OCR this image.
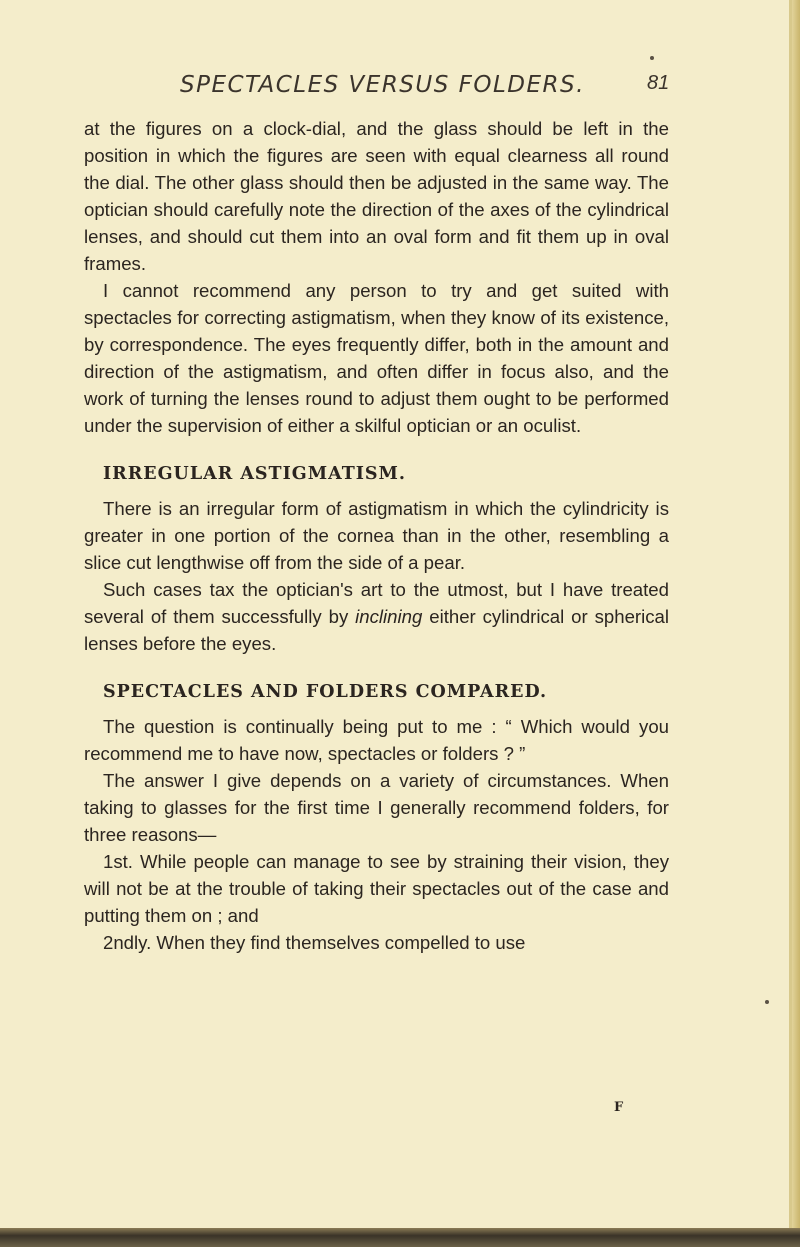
SPECTACLES VERSUS FOLDERS.	81

at the figures on a clock-dial, and the glass should be left in the position in which the figures are seen with equal clearness all round the dial. The other glass should then be adjusted in the same way. The optician should carefully note the direction of the axes of the cylindrical lenses, and should cut them into an oval form and fit them up in oval frames.

I cannot recommend any person to try and get suited with spectacles for correcting astigmatism, when they know of its existence, by correspondence. The eyes frequently differ, both in the amount and direction of the astigmatism, and often differ in focus also, and the work of turning the lenses round to adjust them ought to be performed under the supervision of either a skilful optician or an oculist.

IRREGULAR ASTIGMATISM.

There is an irregular form of astigmatism in which the cylindricity is greater in one portion of the cornea than in the other, resembling a slice cut lengthwise off from the side of a pear.

Such cases tax the optician's art to the utmost, but I have treated several of them successfully by inclining either cylindrical or spherical lenses before the eyes.

SPECTACLES AND FOLDERS COMPARED.

The question is continually being put to me : “ Which would you recommend me to have now, spectacles or folders ? ”

The answer I give depends on a variety of circumstances. When taking to glasses for the first time I generally recommend folders, for three reasons—

1st. While people can manage to see by straining their vision, they will not be at the trouble of taking their spectacles out of the case and putting them on ; and

2ndly. When they find themselves compelled to use

F
